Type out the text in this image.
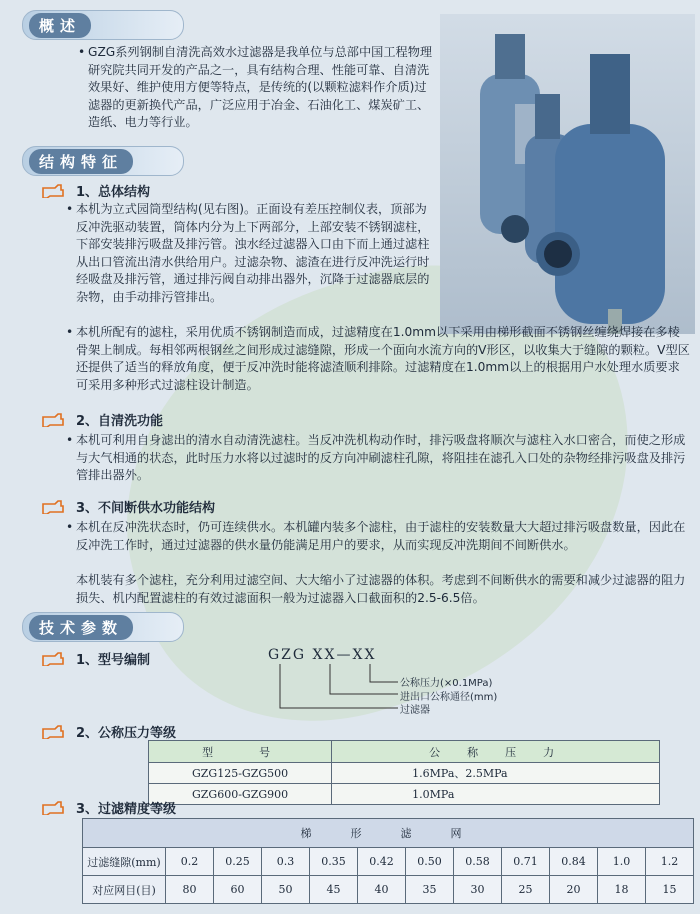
概述

• GZG系列钢制自清洗高效水过滤器是我单位与总部中国工程物理研究院共同开发的产品之一，具有结构合理、性能可靠、自清洗效果好、维护使用方便等特点，是传统的(以颗粒滤料作介质)过滤器的更新换代产品，广泛应用于冶金、石油化工、煤炭矿工、造纸、电力等行业。

结构特征
1、总体结构

• 本机为立式园筒型结构(见右图)。正面设有差压控制仪表，顶部为反冲洗驱动装置，筒体内分为上下两部分，上部安装不锈钢滤柱，下部安装排污吸盘及排污管。浊水经过滤器入口由下而上通过滤柱从出口管流出清水供给用户。过滤杂物、滤渣在进行反冲洗运行时经吸盘及排污管，通过排污阀自动排出器外，沉降于过滤器底层的杂物，由手动排污管排出。

• 本机所配有的滤柱，采用优质不锈钢制造而成，过滤精度在1.0mm以下采用由梯形截面不锈钢丝缠绕焊接在多棱骨架上制成。每相邻两根钢丝之间形成过滤缝隙，形成一个面向水流方向的V形区，以收集大于缝隙的颗粒。V型区还提供了适当的释放角度，便于反冲洗时能将滤渣顺利排除。过滤精度在1.0mm以上的根据用户水处理水质要求可采用多种形式过滤柱设计制造。

2、自清洗功能

• 本机可利用自身滤出的清水自动清洗滤柱。当反冲洗机构动作时，排污吸盘将顺次与滤柱入水口密合，而使之形成与大气相通的状态，此时压力水将以过滤时的反方向冲刷滤柱孔隙，将阻挂在滤孔入口处的杂物经排污吸盘及排污管排出器外。

3、不间断供水功能结构

• 本机在反冲洗状态时，仍可连续供水。本机罐内装多个滤柱，由于滤柱的安装数量大大超过排污吸盘数量，因此在反冲洗工作时，通过过滤器的供水量仍能满足用户的要求，从而实现反冲洗期间不间断供水。

本机装有多个滤柱，充分利用过滤空间、大大缩小了过滤器的体积。考虑到不间断供水的需要和减少过滤器的阻力损失、机内配置滤柱的有效过滤面积一般为过滤器入口截面积的2.5-6.5倍。

技术参数
1、型号编制	GZG XX—XX
公称压力(×0.1MPa)
进出口公称通径(mm)
过滤器
2、公称压力等级
型　　号	公　称　压　力
GZG125-GZG500	1.6MPa、2.5MPa
GZG600-GZG900	1.0MPa
3、过滤精度等级
梯　形　滤　网											
过滤缝隙(mm)	0.2	0.25	0.3	0.35	0.42	0.50	0.58	0.71	0.84	1.0	1.2
对应网目(目)	80	60	50	45	40	35	30	25	20	18	15
